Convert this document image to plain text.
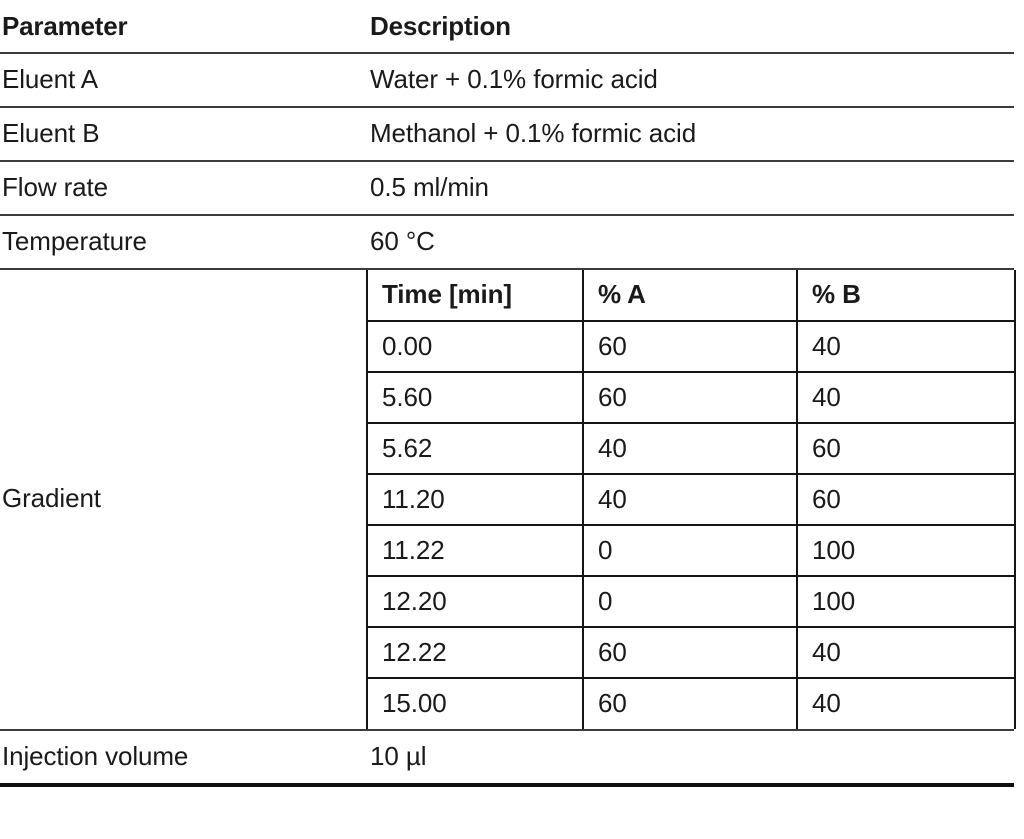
Parameter	Description
Eluent A	Water + 0.1% formic acid
Eluent B	Methanol + 0.1% formic acid
Flow rate	0.5 ml/min
Temperature	60 °C

Gradient

Time [min]	% A	% B
0.00	60	40
5.60	60	40
5.62	40	60
11.20	40	60
11.22	0	100
12.20	0	100
12.22	60	40
15.00	60	40

Injection volume	10 µl
